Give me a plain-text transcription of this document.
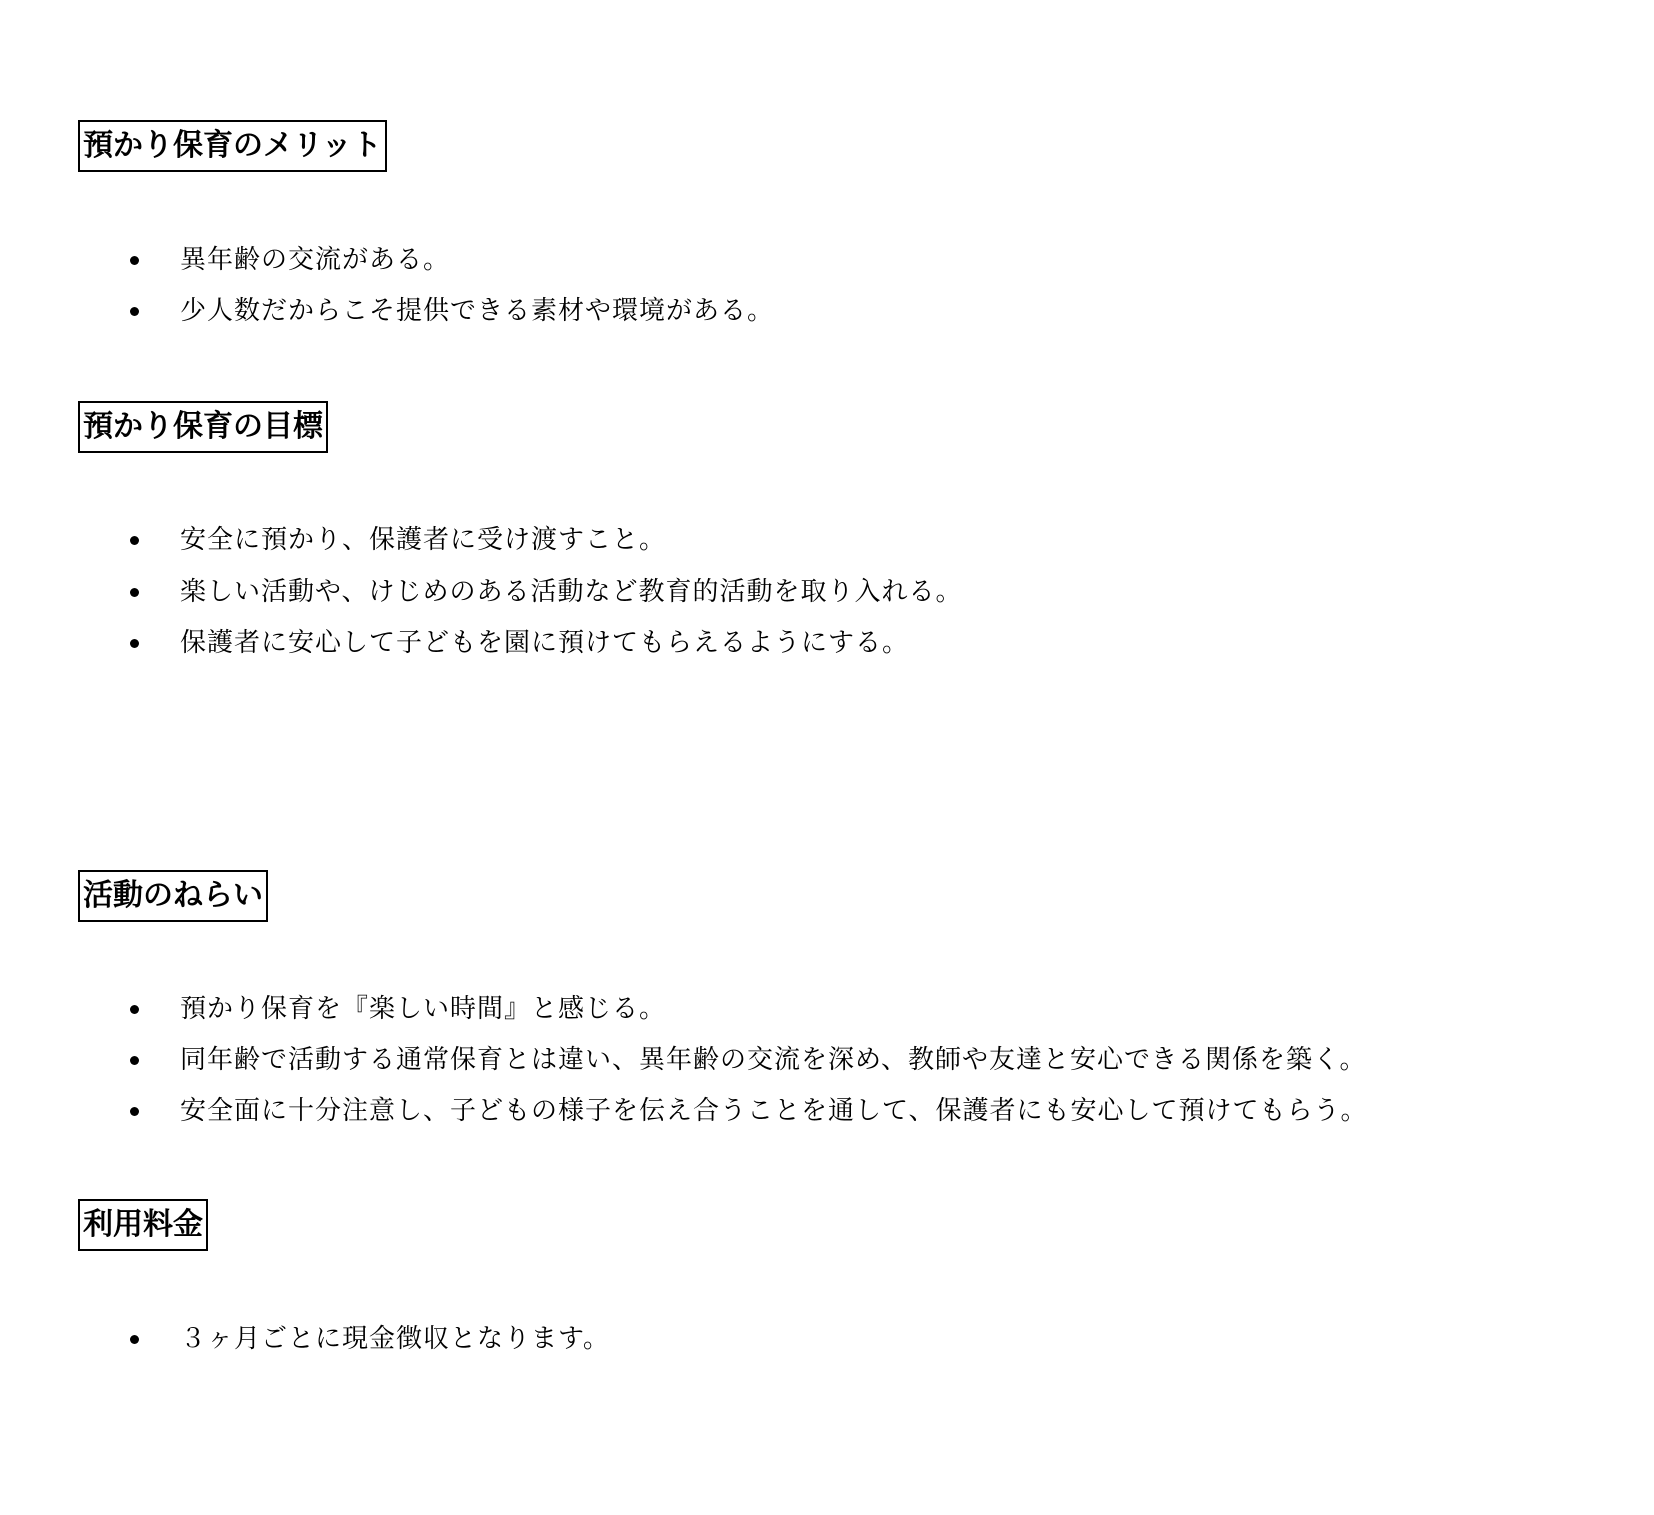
預かり保育のメリット
異年齢の交流がある。
少人数だからこそ提供できる素材や環境がある。
預かり保育の目標
安全に預かり、保護者に受け渡すこと。
楽しい活動や、けじめのある活動など教育的活動を取り入れる。
保護者に安心して子どもを園に預けてもらえるようにする。
活動のねらい
預かり保育を『楽しい時間』と感じる。
同年齢で活動する通常保育とは違い、異年齢の交流を深め、教師や友達と安心できる関係を築く。
安全面に十分注意し、子どもの様子を伝え合うことを通して、保護者にも安心して預けてもらう。
利用料金
３ヶ月ごとに現金徴収となります。
